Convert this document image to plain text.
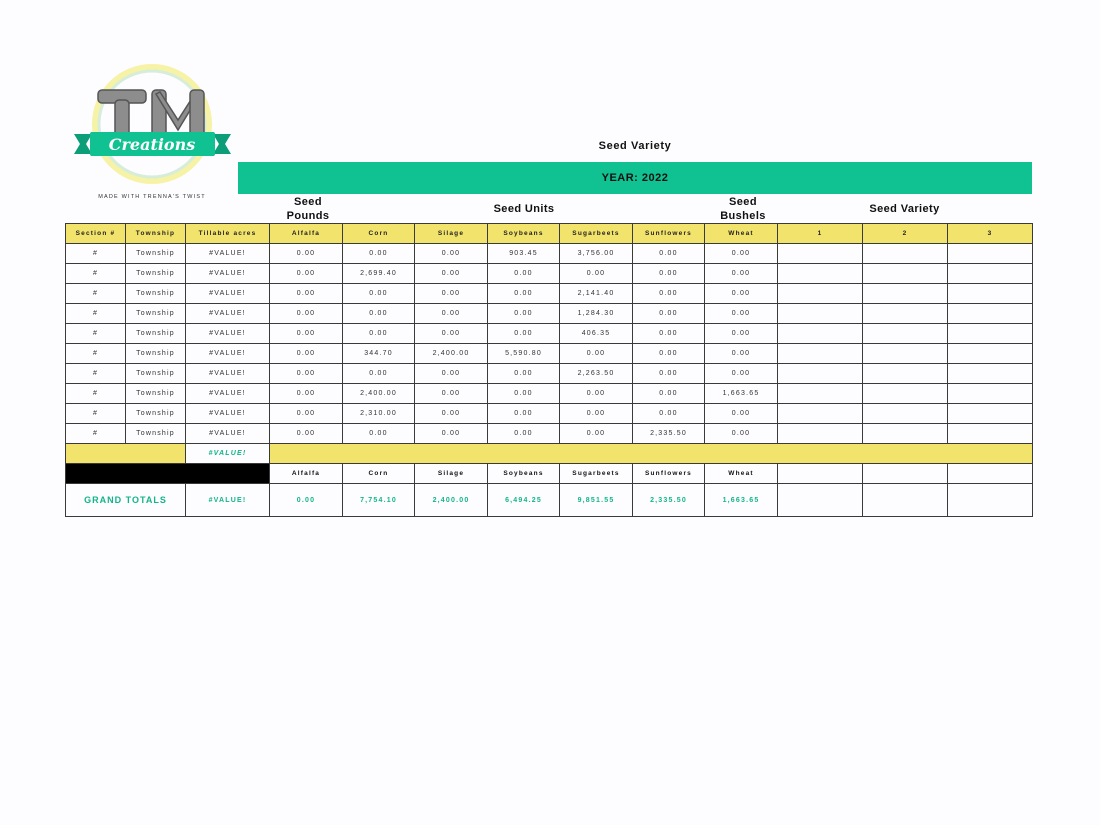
Creations
MADE WITH TRENNA'S TWIST
Seed Variety
YEAR: 2022
Seed Pounds
Seed Units
Seed Bushels
Seed Variety
Section #	Township	Tillable acres	Alfalfa	Corn	Silage	Soybeans	Sugarbeets	Sunflowers	Wheat	1	2	3
#	Township	#VALUE!	0.00	0.00	0.00	903.45	3,756.00	0.00	0.00			
#	Township	#VALUE!	0.00	2,699.40	0.00	0.00	0.00	0.00	0.00			
#	Township	#VALUE!	0.00	0.00	0.00	0.00	2,141.40	0.00	0.00			
#	Township	#VALUE!	0.00	0.00	0.00	0.00	1,284.30	0.00	0.00			
#	Township	#VALUE!	0.00	0.00	0.00	0.00	406.35	0.00	0.00			
#	Township	#VALUE!	0.00	344.70	2,400.00	5,590.80	0.00	0.00	0.00			
#	Township	#VALUE!	0.00	0.00	0.00	0.00	2,263.50	0.00	0.00			
#	Township	#VALUE!	0.00	2,400.00	0.00	0.00	0.00	0.00	1,663.65			
#	Township	#VALUE!	0.00	2,310.00	0.00	0.00	0.00	0.00	0.00			
#	Township	#VALUE!	0.00	0.00	0.00	0.00	0.00	2,335.50	0.00			
		#VALUE!										
			Alfalfa	Corn	Silage	Soybeans	Sugarbeets	Sunflowers	Wheat			
GRAND TOTALS		#VALUE!	0.00	7,754.10	2,400.00	6,494.25	9,851.55	2,335.50	1,663.65			
